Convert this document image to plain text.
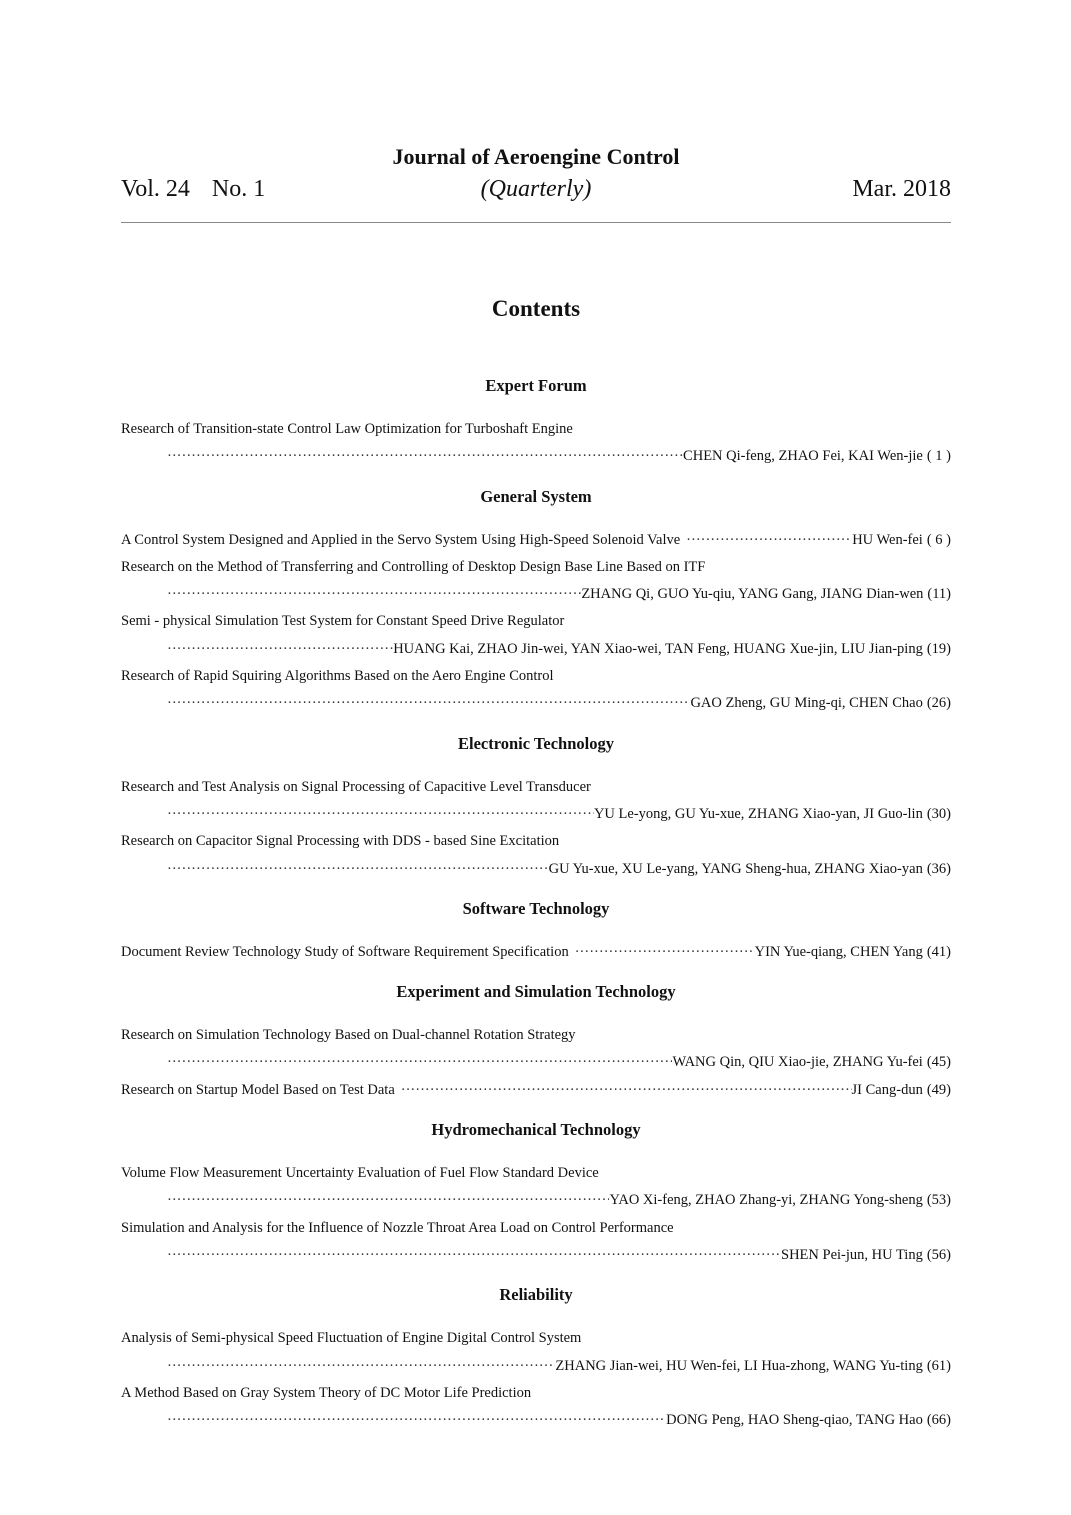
Journal of Aeroengine Control
Vol. 24 No. 1	(Quarterly)	Mar. 2018
Contents
Expert Forum
Research of Transition-state Control Law Optimization for Turboshaft Engine
·····
CHEN Qi-feng, ZHAO Fei, KAI Wen-jie ( 1 )
General System
A Control System Designed and Applied in the Servo System Using High-Speed Solenoid Valve ·····	HU Wen-fei ( 6 )
Research on the Method of Transferring and Controlling of Desktop Design Base Line Based on ITF
·····
ZHANG Qi, GUO Yu-qiu, YANG Gang, JIANG Dian-wen (11)
Semi - physical Simulation Test System for Constant Speed Drive Regulator
·····
HUANG Kai, ZHAO Jin-wei, YAN Xiao-wei, TAN Feng, HUANG Xue-jin, LIU Jian-ping (19)
Research of Rapid Squiring Algorithms Based on the Aero Engine Control
·····
GAO Zheng, GU Ming-qi, CHEN Chao (26)
Electronic Technology
Research and Test Analysis on Signal Processing of Capacitive Level Transducer
·····
YU Le-yong, GU Yu-xue, ZHANG Xiao-yan, JI Guo-lin (30)
Research on Capacitor Signal Processing with DDS - based Sine Excitation
·····
GU Yu-xue, XU Le-yang, YANG Sheng-hua, ZHANG Xiao-yan (36)
Software Technology
Document Review Technology Study of Software Requirement Specification ·····	YIN Yue-qiang, CHEN Yang (41)
Experiment and Simulation Technology
Research on Simulation Technology Based on Dual-channel Rotation Strategy
·····
WANG Qin, QIU Xiao-jie, ZHANG Yu-fei (45)
Research on Startup Model Based on Test Data ·····	JI Cang-dun (49)
Hydromechanical Technology
Volume Flow Measurement Uncertainty Evaluation of Fuel Flow Standard Device
·····
YAO Xi-feng, ZHAO Zhang-yi, ZHANG Yong-sheng (53)
Simulation and Analysis for the Influence of Nozzle Throat Area Load on Control Performance
·····
SHEN Pei-jun, HU Ting (56)
Reliability
Analysis of Semi-physical Speed Fluctuation of Engine Digital Control System
·····
ZHANG Jian-wei, HU Wen-fei, LI Hua-zhong, WANG Yu-ting (61)
A Method Based on Gray System Theory of DC Motor Life Prediction
·····
DONG Peng, HAO Sheng-qiao, TANG Hao (66)
